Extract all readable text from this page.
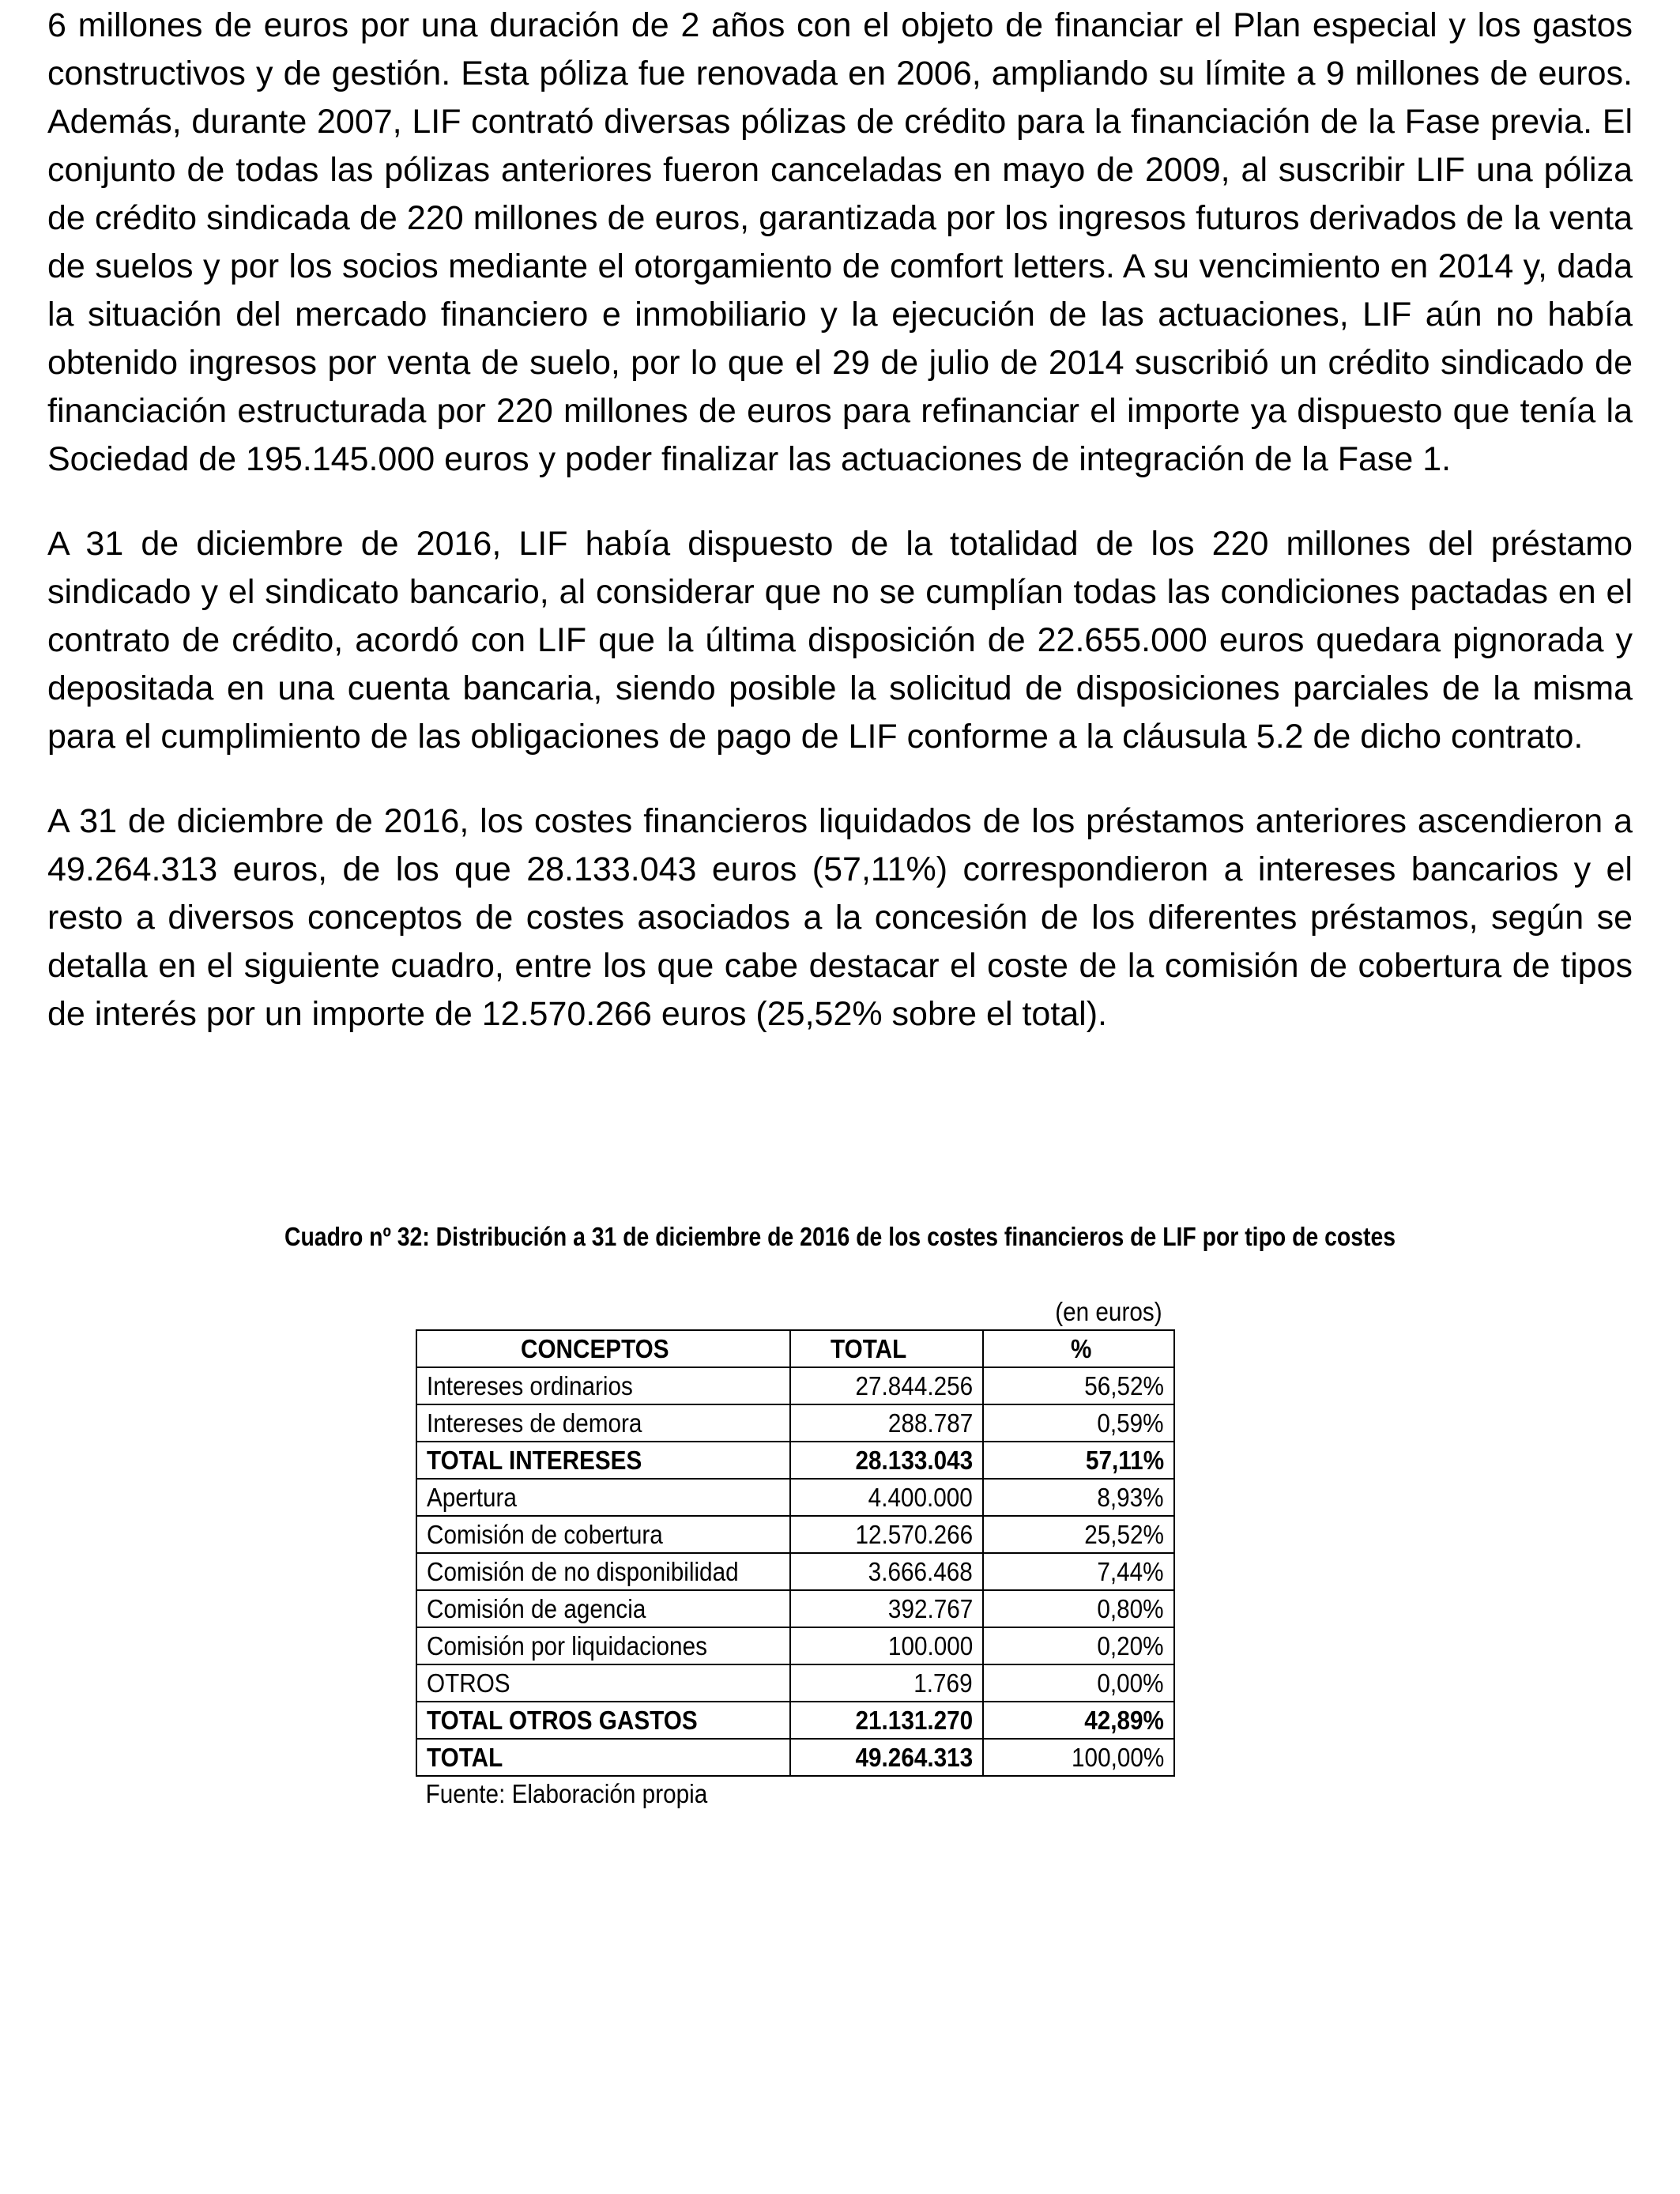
6 millones de euros por una duración de 2 años con el objeto de financiar el Plan especial y los gastos constructivos y de gestión. Esta póliza fue renovada en 2006, ampliando su límite a 9 millones de euros. Además, durante 2007, LIF contrató diversas pólizas de crédito para la financiación de la Fase previa. El conjunto de todas las pólizas anteriores fueron canceladas en mayo de 2009, al suscribir LIF una póliza de crédito sindicada de 220 millones de euros, garantizada por los ingresos futuros derivados de la venta de suelos y por los socios mediante el otorgamiento de comfort letters. A su vencimiento en 2014 y, dada la situación del mercado financiero e inmobiliario y la ejecución de las actuaciones, LIF aún no había obtenido ingresos por venta de suelo, por lo que el 29 de julio de 2014 suscribió un crédito sindicado de financiación estructurada por 220 millones de euros para refinanciar el importe ya dispuesto que tenía la Sociedad de 195.145.000 euros y poder finalizar las actuaciones de integración de la Fase 1.

A 31 de diciembre de 2016, LIF había dispuesto de la totalidad de los 220 millones del préstamo sindicado y el sindicato bancario, al considerar que no se cumplían todas las condiciones pactadas en el contrato de crédito, acordó con LIF que la última disposición de 22.655.000 euros quedara pignorada y depositada en una cuenta bancaria, siendo posible la solicitud de disposiciones parciales de la misma para el cumplimiento de las obligaciones de pago de LIF conforme a la cláusula 5.2 de dicho contrato.

A 31 de diciembre de 2016, los costes financieros liquidados de los préstamos anteriores ascendieron a 49.264.313 euros, de los que 28.133.043 euros (57,11%) correspondieron a intereses bancarios y el resto a diversos conceptos de costes asociados a la concesión de los diferentes préstamos, según se detalla en el siguiente cuadro, entre los que cabe destacar el coste de la comisión de cobertura de tipos de interés por un importe de 12.570.266 euros (25,52% sobre el total).

Cuadro nº 32: Distribución a 31 de diciembre de 2016 de los costes financieros de LIF por tipo de costes
(en euros)
CONCEPTOS	TOTAL	%
Intereses ordinarios	27.844.256	56,52%
Intereses de demora	288.787	0,59%
TOTAL INTERESES	28.133.043	57,11%
Apertura	4.400.000	8,93%
Comisión de cobertura	12.570.266	25,52%
Comisión de no disponibilidad	3.666.468	7,44%
Comisión de agencia	392.767	0,80%
Comisión por liquidaciones	100.000	0,20%
OTROS	1.769	0,00%
TOTAL OTROS GASTOS	21.131.270	42,89%
TOTAL	49.264.313	100,00%
Fuente: Elaboración propia
